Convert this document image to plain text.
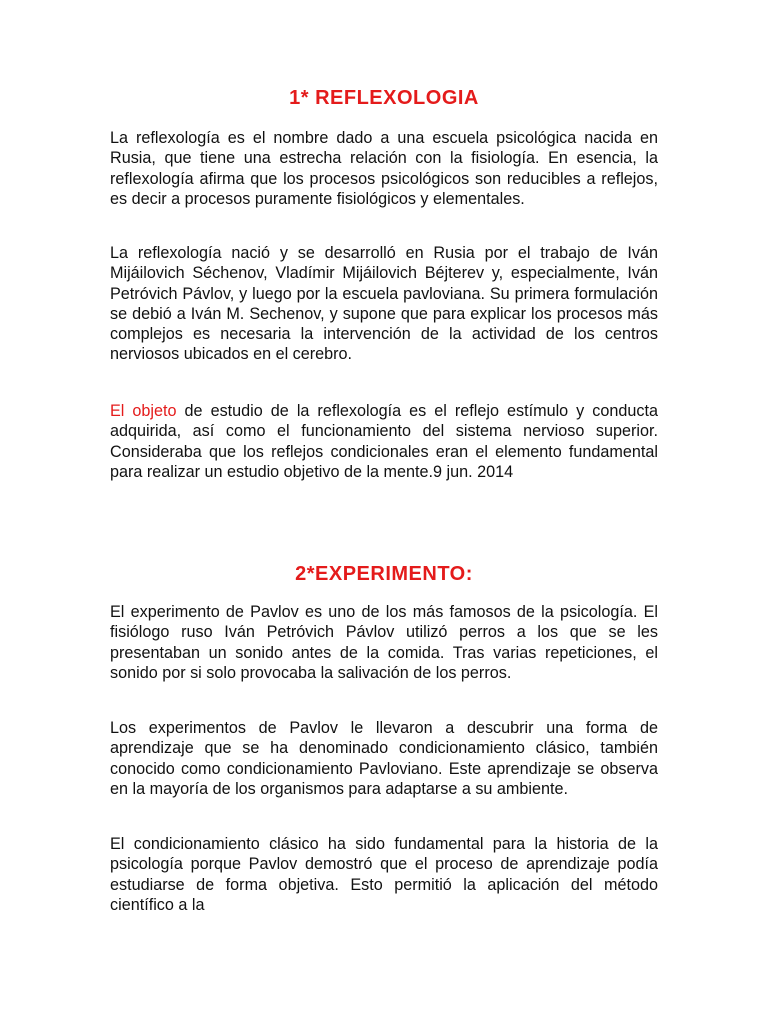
1* REFLEXOLOGIA

La reflexología es el nombre dado a una escuela psicológica nacida en Rusia, que tiene una estrecha relación con la fisiología. En esencia, la reflexología afirma que los procesos psicológicos son reducibles a reflejos, es decir a procesos puramente fisiológicos y elementales.

La reflexología nació y se desarrolló en Rusia por el trabajo de Iván Mijáilovich Séchenov, Vladímir Mijáilovich Béjterev y, especialmente, Iván Petróvich Pávlov, y luego por la escuela pavloviana. Su primera formulación se debió a Iván M. Sechenov, y supone que para explicar los procesos más complejos es necesaria la intervención de la actividad de los centros nerviosos ubicados en el cerebro.

El objeto de estudio de la reflexología es el reflejo estímulo y conducta adquirida, así como el funcionamiento del sistema nervioso superior. Consideraba que los reflejos condicionales eran el elemento fundamental para realizar un estudio objetivo de la mente.9 jun. 2014

2*EXPERIMENTO:

El experimento de Pavlov es uno de los más famosos de la psicología. El fisiólogo ruso Iván Petróvich Pávlov utilizó perros a los que se les presentaban un sonido antes de la comida. Tras varias repeticiones, el sonido por si solo provocaba la salivación de los perros.

Los experimentos de Pavlov le llevaron a descubrir una forma de aprendizaje que se ha denominado condicionamiento clásico, también conocido como condicionamiento Pavloviano. Este aprendizaje se observa en la mayoría de los organismos para adaptarse a su ambiente.

El condicionamiento clásico ha sido fundamental para la historia de la psicología porque Pavlov demostró que el proceso de aprendizaje podía estudiarse de forma objetiva. Esto permitió la aplicación del método científico a la
